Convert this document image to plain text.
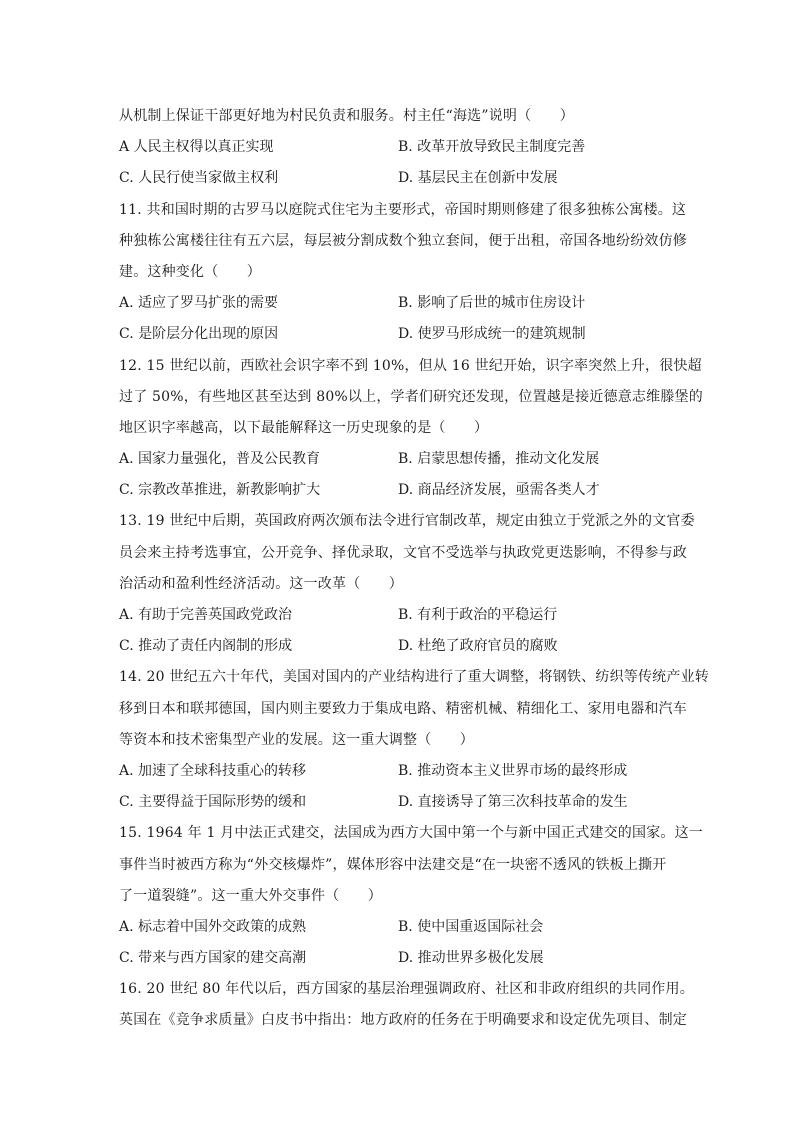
从机制上保证干部更好地为村民负责和服务。村主任“海选”说明（　　）
A 人民主权得以真正实现	B. 改革开放导致民主制度完善
C. 人民行使当家做主权利	D. 基层民主在创新中发展
11. 共和国时期的古罗马以庭院式住宅为主要形式，帝国时期则修建了很多独栋公寓楼。这
种独栋公寓楼往往有五六层，每层被分割成数个独立套间，便于出租，帝国各地纷纷效仿修
建。这种变化（　　）
A. 适应了罗马扩张的需要	B. 影响了后世的城市住房设计
C. 是阶层分化出现的原因	D. 使罗马形成统一的建筑规制
12. 15 世纪以前，西欧社会识字率不到 10%，但从 16 世纪开始，识字率突然上升，很快超
过了 50%，有些地区甚至达到 80%以上，学者们研究还发现，位置越是接近德意志维滕堡的
地区识字率越高，以下最能解释这一历史现象的是（　　）
A. 国家力量强化，普及公民教育	B. 启蒙思想传播，推动文化发展
C. 宗教改革推进，新教影响扩大	D. 商品经济发展，亟需各类人才
13. 19 世纪中后期，英国政府两次颁布法令进行官制改革，规定由独立于党派之外的文官委
员会来主持考选事宜，公开竞争、择优录取，文官不受选举与执政党更迭影响，不得参与政
治活动和盈利性经济活动。这一改革（　　）
A. 有助于完善英国政党政治	B. 有利于政治的平稳运行
C. 推动了责任内阁制的形成	D. 杜绝了政府官员的腐败
14. 20 世纪五六十年代，美国对国内的产业结构进行了重大调整，将钢铁、纺织等传统产业转
移到日本和联邦德国，国内则主要致力于集成电路、精密机械、精细化工、家用电器和汽车
等资本和技术密集型产业的发展。这一重大调整（　　）
A. 加速了全球科技重心的转移	B. 推动资本主义世界市场的最终形成
C. 主要得益于国际形势的缓和	D. 直接诱导了第三次科技革命的发生
15. 1964 年 1 月中法正式建交，法国成为西方大国中第一个与新中国正式建交的国家。这一
事件当时被西方称为“外交核爆炸”，媒体形容中法建交是“在一块密不透风的铁板上撕开
了一道裂缝”。这一重大外交事件（　　）
A. 标志着中国外交政策的成熟	B. 使中国重返国际社会
C. 带来与西方国家的建交高潮	D. 推动世界多极化发展
16. 20 世纪 80 年代以后，西方国家的基层治理强调政府、社区和非政府组织的共同作用。
英国在《竞争求质量》白皮书中指出：地方政府的任务在于明确要求和设定优先项目、制定
